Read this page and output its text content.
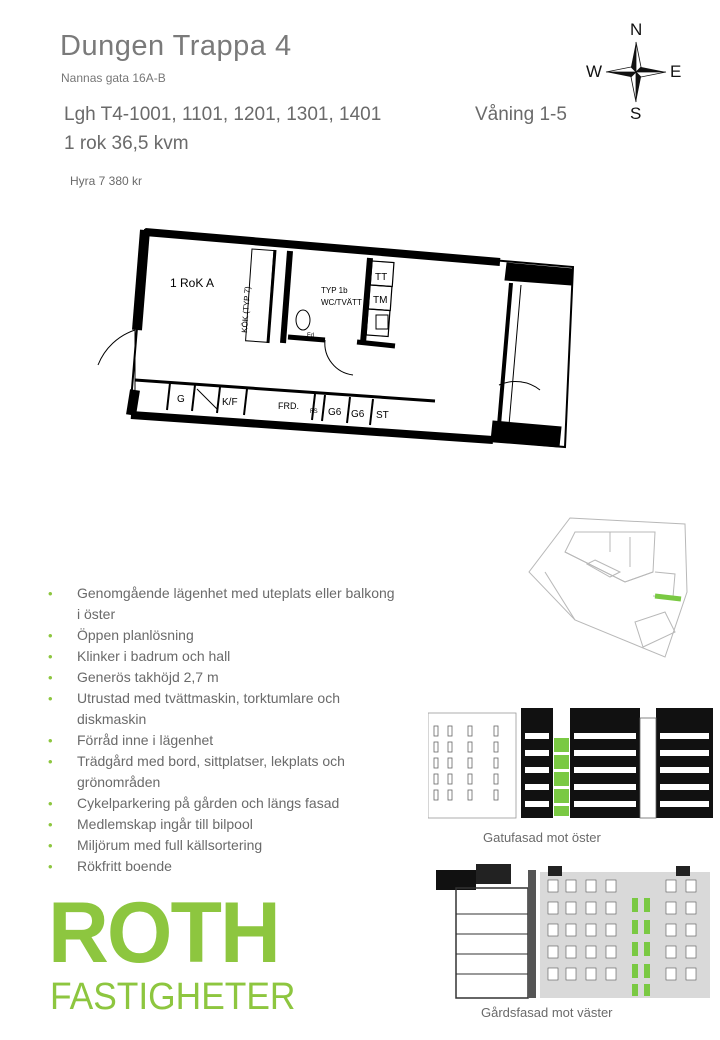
Dungen Trappa 4
Nannas gata 16A-B
Lgh T4-1001, 1101, 1201, 1301, 1401	Våning 1-5
1 rok 36,5 kvm
Hyra 7 380 kr
N
S
W	E
1 RoK A
KÖK (TYP 7)	TYP 1b
WC/TVÄTT
TT
TM
G	K/F	FRD.
G6 G6 ST
Fd
FS
• Genomgående lägenhet med uteplats eller balkong i öster
• Öppen planlösning
• Klinker i badrum och hall
• Generös takhöjd 2,7 m
• Utrustad med tvättmaskin, torktumlare och diskmaskin
• Förråd inne i lägenhet
• Trädgård med bord, sittplatser, lekplats och grönområden
• Cykelparkering på gården och längs fasad
• Medlemskap ingår till bilpool
• Miljörum med full källsortering
• Rökfritt boende
Gatufasad mot öster
Gårdsfasad mot väster
ROTH
FASTIGHETER
